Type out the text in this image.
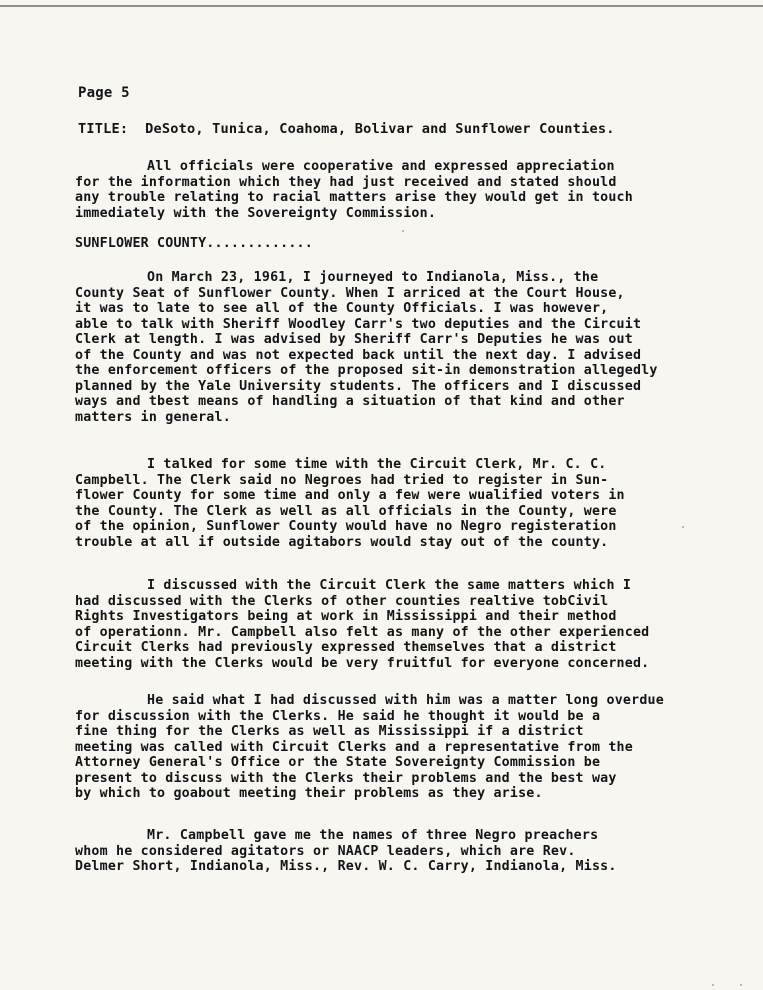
Page 5
TITLE: DeSoto, Tunica, Coahoma, Bolivar and Sunflower Counties.

All officials were cooperative and expressed appreciation
for the information which they had just received and stated should
any trouble relating to racial matters arise they would get in touch
immediately with the Sovereignty Commission.

SUNFLOWER COUNTY.............

On March 23, 1961, I journeyed to Indianola, Miss., the
County Seat of Sunflower County. When I arriced at the Court House,
it was to late to see all of the County Officials. I was however,
able to talk with Sheriff Woodley Carr's two deputies and the Circuit
Clerk at length. I was advised by Sheriff Carr's Deputies he was out
of the County and was not expected back until the next day. I advised
the enforcement officers of the proposed sit-in demonstration allegedly
planned by the Yale University students. The officers and I discussed
ways and tbest means of handling a situation of that kind and other
matters in general.

I talked for some time with the Circuit Clerk, Mr. C. C.
Campbell. The Clerk said no Negroes had tried to register in Sun-
flower County for some time and only a few were wualified voters in
the County. The Clerk as well as all officials in the County, were
of the opinion, Sunflower County would have no Negro registeration
trouble at all if outside agitabors would stay out of the county.

I discussed with the Circuit Clerk the same matters which I
had discussed with the Clerks of other counties realtive tobCivil
Rights Investigators being at work in Mississippi and their method
of operationn. Mr. Campbell also felt as many of the other experienced
Circuit Clerks had previously expressed themselves that a district
meeting with the Clerks would be very fruitful for everyone concerned.

He said what I had discussed with him was a matter long overdue
for discussion with the Clerks. He said he thought it would be a
fine thing for the Clerks as well as Mississippi if a district
meeting was called with Circuit Clerks and a representative from the
Attorney General's Office or the State Sovereignty Commission be
present to discuss with the Clerks their problems and the best way
by which to goabout meeting their problems as they arise.

Mr. Campbell gave me the names of three Negro preachers
whom he considered agitators or NAACP leaders, which are Rev.
Delmer Short, Indianola, Miss., Rev. W. C. Carry, Indianola, Miss.
